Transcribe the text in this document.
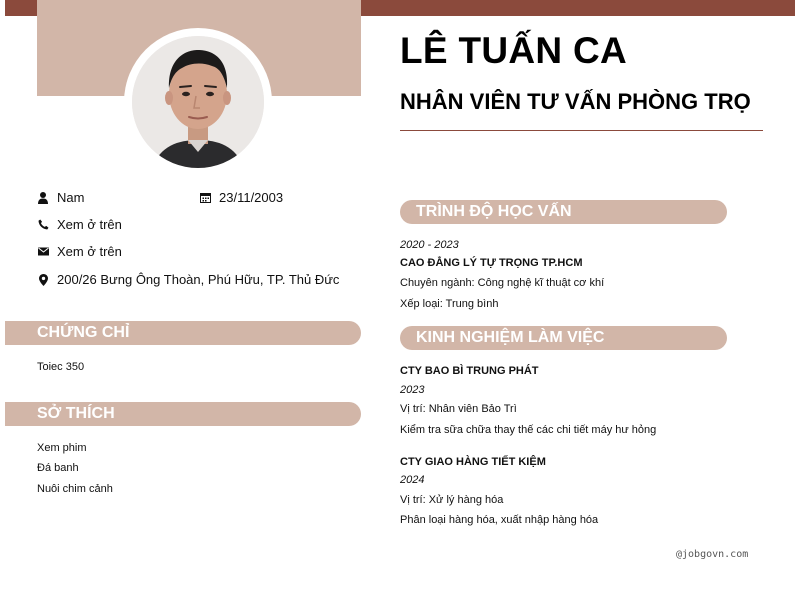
LÊ TUẤN CA
NHÂN VIÊN TƯ VẤN PHÒNG TRỌ
Nam	23/11/2003
Xem ở trên
Xem ở trên
200/26 Bưng Ông Thoàn, Phú Hữu, TP. Thủ Đức
CHỨNG CHỈ
Toiec 350
SỞ THÍCH
Xem phim
Đá banh
Nuôi chim cảnh
TRÌNH ĐỘ HỌC VẤN
2020 - 2023
CAO ĐẲNG LÝ TỰ TRỌNG TP.HCM
Chuyên ngành: Công nghệ kĩ thuật cơ khí
Xếp loại: Trung bình
KINH NGHIỆM LÀM VIỆC
CTY BAO BÌ TRUNG PHÁT
2023
Vị trí: Nhân viên Bảo Trì
Kiểm tra sữa chữa thay thế các chi tiết máy hư hỏng
CTY GIAO HÀNG TIẾT KIỆM
2024
Vị trí: Xử lý hàng hóa
Phân loại hàng hóa, xuất nhập hàng hóa
@jobgovn.com
